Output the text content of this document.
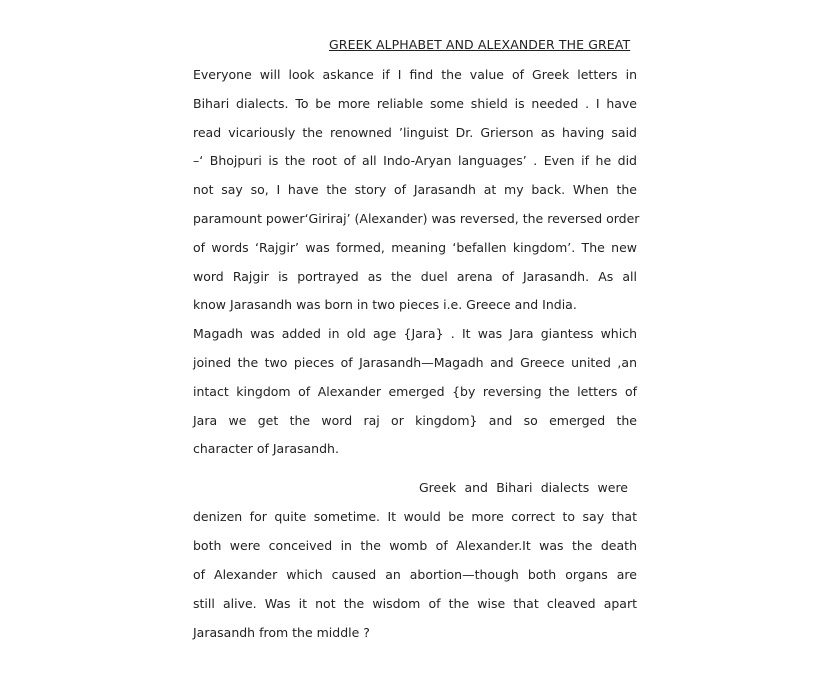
GREEK ALPHABET AND ALEXANDER THE GREAT
Everyone will look askance if I find the value of Greek letters in
Bihari dialects. To be more reliable some shield is needed . I have
read vicariously the renowned ’linguist Dr. Grierson as having said
–‘ Bhojpuri is the root of all Indo-Aryan languages’ . Even if he did
not say so, I have the story of Jarasandh at my back. When the
paramount power‘Giriraj’ (Alexander) was reversed, the reversed order
of words ‘Rajgir’ was formed, meaning ‘befallen kingdom’. The new
word Rajgir is portrayed as the duel arena of Jarasandh. As all
know Jarasandh was born in two pieces i.e. Greece and India.
Magadh was added in old age {Jara} . It was Jara giantess which
joined the two pieces of Jarasandh—Magadh and Greece united ,an
intact kingdom of Alexander emerged {by reversing the letters of
Jara we get the word raj or kingdom} and so emerged the
character of Jarasandh.
Greek and Bihari dialects were
denizen for quite sometime. It would be more correct to say that
both were conceived in the womb of Alexander.It was the death
of Alexander which caused an abortion—though both organs are
still alive. Was it not the wisdom of the wise that cleaved apart
Jarasandh from the middle ?
